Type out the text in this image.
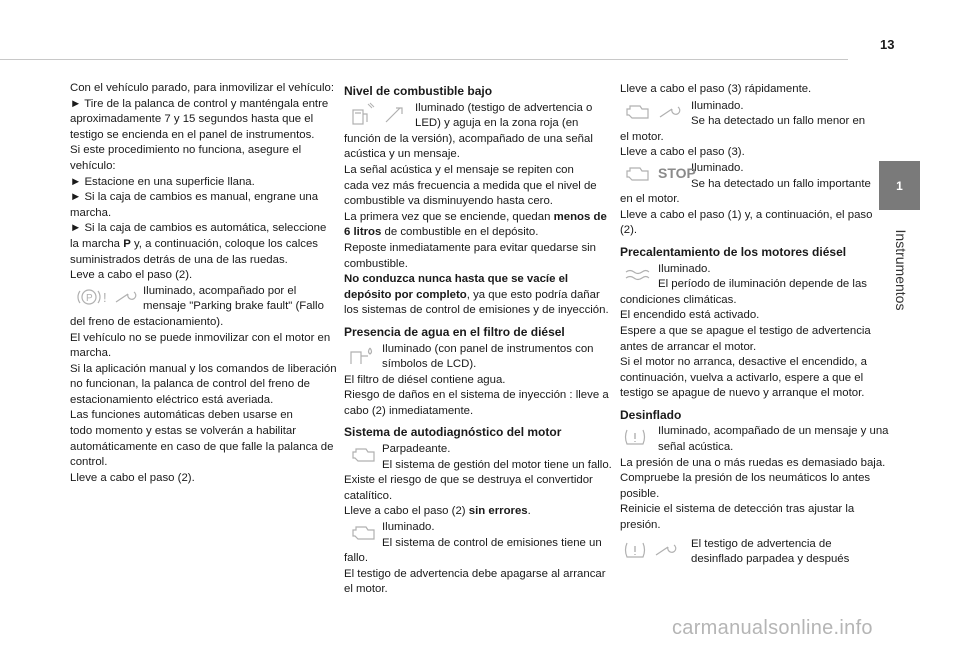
13
1
Instrumentos
Con el vehículo parado, para inmovilizar el vehículo:
► Tire de la palanca de control y manténgala entre
aproximadamente 7 y 15 segundos hasta que el
testigo se encienda en el panel de instrumentos.
Si este procedimiento no funciona, asegure el
vehículo:
► Estacione en una superficie llana.
► Si la caja de cambios es manual, engrane una
marcha.
► Si la caja de cambios es automática, seleccione
la marcha P y, a continuación, coloque los calces
suministrados detrás de una de las ruedas.
Leve a cabo el paso (2).
P !	Iluminado, acompañado por el
mensaje "Parking brake fault" (Fallo
del freno de estacionamiento).
El vehículo no se puede inmovilizar con el motor en
marcha.
Si la aplicación manual y los comandos de liberación
no funcionan, la palanca de control del freno de
estacionamiento eléctrico está averiada.
Las funciones automáticas deben usarse en
todo momento y estas se volverán a habilitar
automáticamente en caso de que falle la palanca de
control.
Lleve a cabo el paso (2).
Nivel de combustible bajo
Iluminado (testigo de advertencia o
LED) y aguja en la zona roja (en
función de la versión), acompañado de una señal
acústica y un mensaje.
La señal acústica y el mensaje se repiten con
cada vez más frecuencia a medida que el nivel de
combustible va disminuyendo hasta cero.
La primera vez que se enciende, quedan menos de
6 litros de combustible en el depósito.
Reposte inmediatamente para evitar quedarse sin
combustible.
No conduzca nunca hasta que se vacíe el
depósito por completo, ya que esto podría dañar
los sistemas de control de emisiones y de inyección.
Presencia de agua en el filtro de diésel
Iluminado (con panel de instrumentos con
símbolos de LCD).
El filtro de diésel contiene agua.
Riesgo de daños en el sistema de inyección : lleve a
cabo (2) inmediatamente.
Sistema de autodiagnóstico del motor
Parpadeante.
El sistema de gestión del motor tiene un fallo.
Existe el riesgo de que se destruya el convertidor
catalítico.
Lleve a cabo el paso (2) sin errores.
Iluminado.
El sistema de control de emisiones tiene un
fallo.
El testigo de advertencia debe apagarse al arrancar
el motor.
Lleve a cabo el paso (3) rápidamente.
Iluminado.
Se ha detectado un fallo menor en
el motor.
Lleve a cabo el paso (3).
STOP
Iluminado.
Se ha detectado un fallo importante
en el motor.
Lleve a cabo el paso (1) y, a continuación, el paso
(2).
Precalentamiento de los motores diésel
Iluminado.
El período de iluminación depende de las
condiciones climáticas.
El encendido está activado.
Espere a que se apague el testigo de advertencia
antes de arrancar el motor.
Si el motor no arranca, desactive el encendido, a
continuación, vuelva a activarlo, espere a que el
testigo se apague de nuevo y arranque el motor.
Desinflado
Iluminado, acompañado de un mensaje y una
señal acústica.
La presión de una o más ruedas es demasiado baja.
Compruebe la presión de los neumáticos lo antes
posible.
Reinicie el sistema de detección tras ajustar la
presión.
El testigo de advertencia de
desinflado parpadea y después
carmanualsonline.info
